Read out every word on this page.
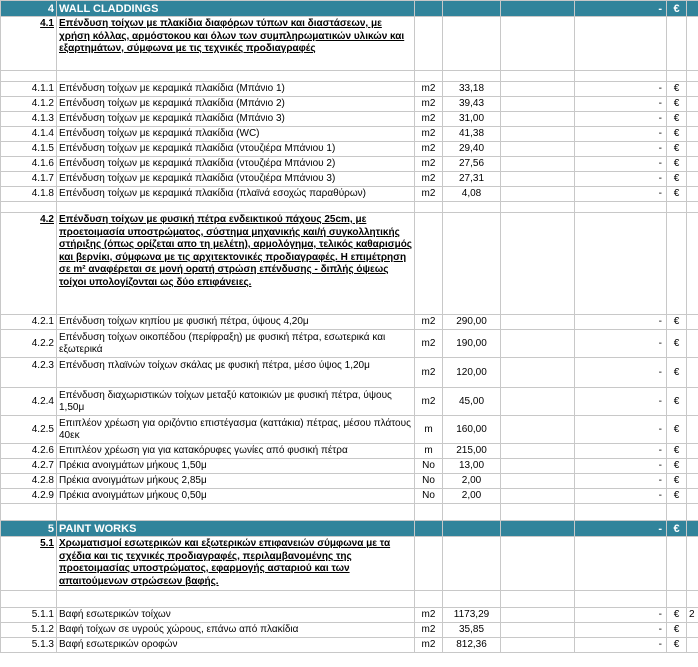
4	WALL CLADDINGS				-	€	
4.1	Επένδυση τοίχων με πλακίδια διαφόρων τύπων και διαστάσεων, με χρήση κόλλας, αρμόστοκου και όλων των συμπληρωματικών υλικών και εξαρτημάτων, σύμφωνα με τις τεχνικές προδιαγραφές						

4.1.1	Επένδυση τοίχων με κεραμικά πλακίδια (Μπάνιο 1)	m2	33,18		-	€	
4.1.2	Επένδυση τοίχων με κεραμικά πλακίδια (Μπάνιο 2)	m2	39,43		-	€	
4.1.3	Επένδυση τοίχων με κεραμικά πλακίδια (Μπάνιο 3)	m2	31,00		-	€	
4.1.4	Επένδυση τοίχων με κεραμικά πλακίδια (WC)	m2	41,38		-	€	
4.1.5	Επένδυση τοίχων με κεραμικά πλακίδια (ντουζιέρα Μπάνιου 1)	m2	29,40		-	€	
4.1.6	Επένδυση τοίχων με κεραμικά πλακίδια (ντουζιέρα Μπάνιου 2)	m2	27,56		-	€	
4.1.7	Επένδυση τοίχων με κεραμικά πλακίδια (ντουζιέρα Μπάνιου 3)	m2	27,31		-	€	
4.1.8	Επένδυση τοίχων με κεραμικά πλακίδια (πλαϊνά εσοχώς παραθύρων)	m2	4,08		-	€	

4.2	Επένδυση τοίχων με φυσική πέτρα ενδεικτικού πάχους 25cm, με προετοιμασία υποστρώματος, σύστημα μηχανικής και/ή συγκολλητικής στήριξης (όπως ορίζεται απο τη μελέτη), αρμολόγημα, τελικός καθαρισμός και βερνίκι, σύμφωνα με τις αρχιτεκτονικές προδιαγραφές. Η επιμέτρηση σε m² αναφέρεται σε μονή ορατή στρώση επένδυσης - διπλής όψεως τοίχοι υπολογίζονται ως δύο επιφάνειες.						
4.2.1	Επένδυση τοίχων κηπίου με φυσική πέτρα, ύψους 4,20μ	m2	290,00		-	€	
4.2.2	Επένδυση τοίχων οικοπέδου (περίφραξη) με φυσική πέτρα, εσωτερικά και εξωτερικά	m2	190,00		-	€	
4.2.3	Επένδυση πλαϊνών τοίχων σκάλας με φυσική πέτρα, μέσο ύψος 1,20μ	m2	120,00		-	€	
4.2.4	Επένδυση διαχωριστικών τοίχων μεταξύ κατοικιών με φυσική πέτρα, ύψους 1,50μ	m2	45,00		-	€	
4.2.5	Επιπλέον χρέωση για οριζόντιο επιστέγασμα (καττάκια) πέτρας, μέσου πλάτους 40εκ	m	160,00		-	€	
4.2.6	Επιπλέον χρέωση για για κατακόρυφες γωνίες από φυσική πέτρα	m	215,00		-	€	
4.2.7	Πρέκια ανοιγμάτων μήκους 1,50μ	No	13,00		-	€	
4.2.8	Πρέκια ανοιγμάτων μήκους 2,85μ	No	2,00		-	€	
4.2.9	Πρέκια ανοιγμάτων μήκους 0,50μ	No	2,00		-	€	

5	PAINT WORKS				-	€	
5.1	Χρωματισμοί εσωτερικών και εξωτερικών επιφανειών σύμφωνα με τα σχέδια και τις τεχνικές προδιαγραφές, περιλαμβανομένης της προετοιμασίας υποστρώματος, εφαρμογής ασταριού και των απαιτούμενων στρώσεων βαφής.						

5.1.1	Βαφή εσωτερικών τοίχων	m2	1173,29		-	€	2
5.1.2	Βαφή τοίχων σε υγρούς χώρους, επάνω από πλακίδια	m2	35,85		-	€	
5.1.3	Βαφή εσωτερικών οροφών	m2	812,36		-	€	
